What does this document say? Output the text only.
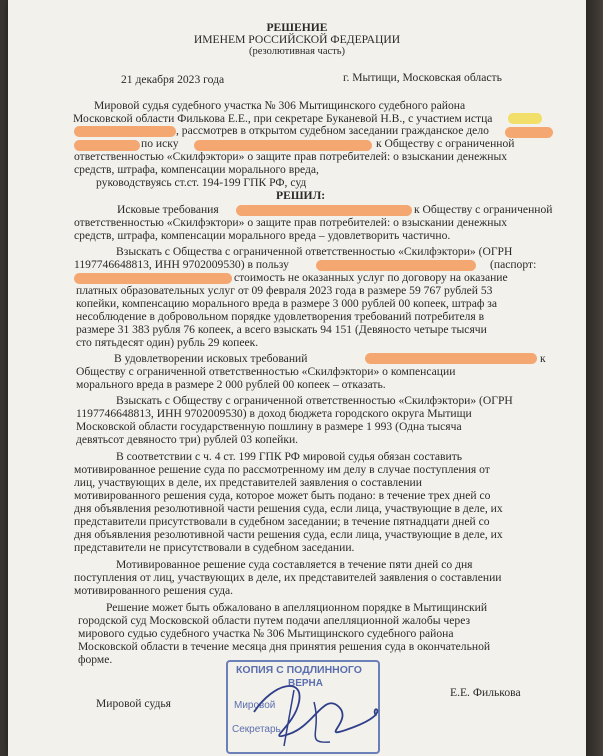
РЕШЕНИЕ
ИМЕНЕМ РОССИЙСКОЙ ФЕДЕРАЦИИ
(резолютивная часть)
21 декабря 2023 года	г. Мытищи, Московская область
Мировой судья судебного участка № 306 Мытищинского судебного района
Московской области Филькова Е.Е., при секретаре Буканевой Н.В., с участием истца
, рассмотрев в открытом судебном заседании гражданское дело
по иску	к Обществу с ограниченной
ответственностью «Скилфэктори» о защите прав потребителей: о взыскании денежных
средств, штрафа, компенсации морального вреда,
руководствуясь ст.ст. 194-199 ГПК РФ, суд
РЕШИЛ:
Исковые требования	к Обществу с ограниченной
ответственностью «Скилфэктори» о защите прав потребителей: о взыскании денежных
средств, штрафа, компенсации морального вреда – удовлетворить частично.
Взыскать с Общества с ограниченной ответственностью «Скилфэктори» (ОГРН
1197746648813, ИНН 9702009530) в пользу	(паспорт:
стоимость не оказанных услуг по договору на оказание
платных образовательных услуг от 09 февраля 2023 года в размере 59 767 рублей 53
копейки, компенсацию морального вреда в размере 3 000 рублей 00 копеек, штраф за
несоблюдение в добровольном порядке удовлетворения требований потребителя в
размере 31 383 рубля 76 копеек, а всего взыскать 94 151 (Девяносто четыре тысячи
сто пятьдесят один) рубль 29 копеек.
В удовлетворении исковых требований	к
Обществу с ограниченной ответственностью «Скилфэктори» о компенсации
морального вреда в размере 2 000 рублей 00 копеек – отказать.
Взыскать с Обществу с ограниченной ответственностью «Скилфэктори» (ОГРН
1197746648813, ИНН 9702009530) в доход бюджета городского округа Мытищи
Московской области государственную пошлину в размере 1 993 (Одна тысяча
девятьсот девяносто три) рублей 03 копейки.
В соответствии с ч. 4 ст. 199 ГПК РФ мировой судья обязан составить
мотивированное решение суда по рассмотренному им делу в случае поступления от
лиц, участвующих в деле, их представителей заявления о составлении
мотивированного решения суда, которое может быть подано: в течение трех дней со
дня объявления резолютивной части решения суда, если лица, участвующие в деле, их
представители присутствовали в судебном заседании; в течение пятнадцати дней со
дня объявления резолютивной части решения суда, если лица, участвующие в деле, их
представители не присутствовали в судебном заседании.
Мотивированное решение суда составляется в течение пяти дней со дня
поступления от лиц, участвующих в деле, их представителей заявления о составлении
мотивированного решения суда.
Решение может быть обжаловано в апелляционном порядке в Мытищинский
городской суд Московской области путем подачи апелляционной жалобы через
мирового судью судебного участка № 306 Мытищинского судебного района
Московской области в течение месяца дня принятия решения суда в окончательной
форме.
Мировой судья
Е.Е. Филькова
КОПИЯ С ПОДЛИННОГО
ВЕРНА
Мировой
Секретарь
